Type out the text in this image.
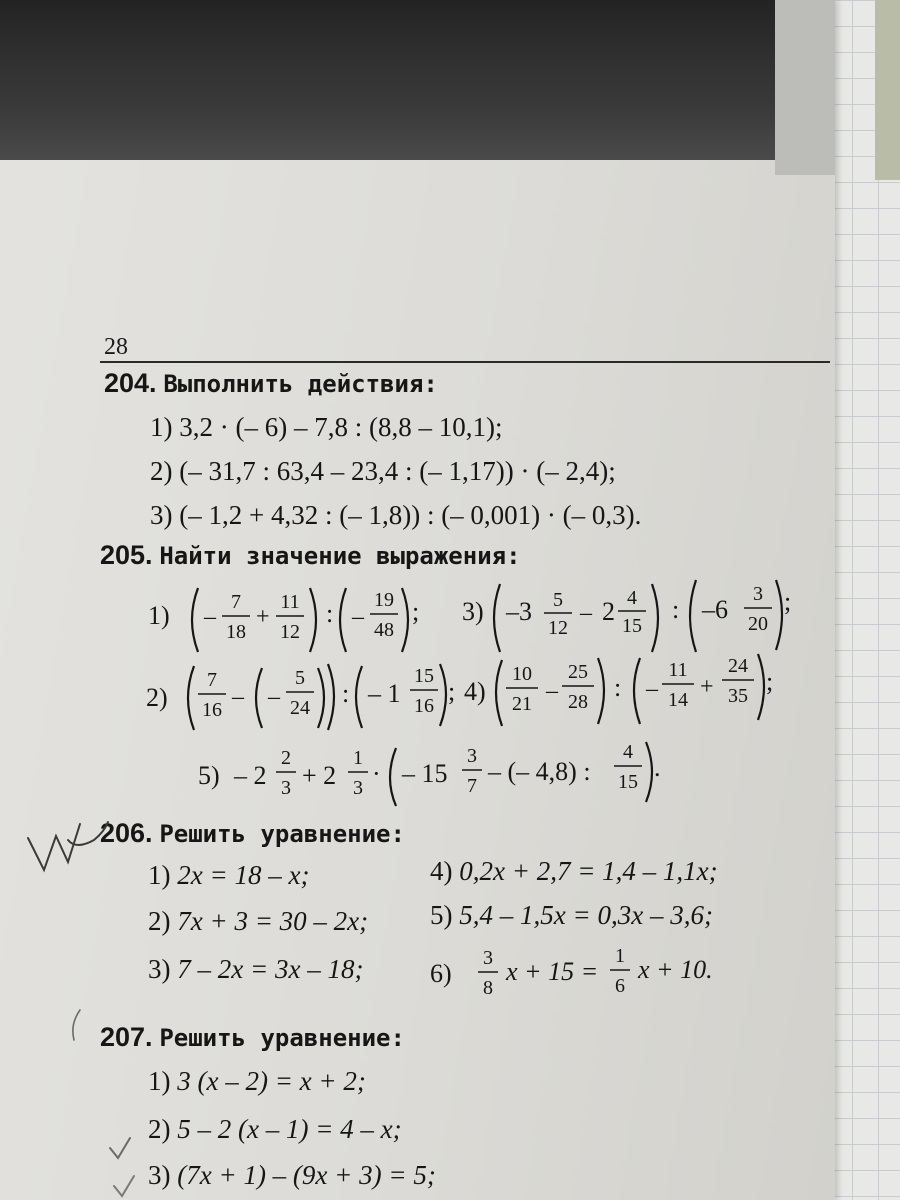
28
204. Выполнить действия:
1) 3,2 · (– 6) – 7,8 : (8,8 – 10,1);
2) (– 31,7 : 63,4 – 23,4 : (– 1,17)) · (– 2,4);
3) (– 1,2 + 4,32 : (– 1,8)) : (– 0,001) · (– 0,3).
205. Найти значение выражения:
1) –
7
18
+
11
12
: –
19
48
; 3) –3 5
12
– 2 4
15
: –6
3
20
;
2)
7
16 – –
5
24 : – 1
15
16 ; 4)
10
21 –
25
28 : –
11
14 +
24
35 ;
5) – 2
2
3 + 2
1
3 · – 15
3
7 – (– 4,8) :
4
15 .
206. Решить уравнение:
1) 2x = 18 – x;	4) 0,2x + 2,7 = 1,4 – 1,1x;
2) 7x + 3 = 30 – 2x; 5) 5,4 – 1,5x = 0,3x – 3,6;
3) 7 – 2x = 3x – 18;	6)
3
8
x + 15 =
1
6
x + 10.
207. Решить уравнение:
1) 3 (x – 2) = x + 2;
2) 5 – 2 (x – 1) = 4 – x;
3) (7x + 1) – (9x + 3) = 5;
